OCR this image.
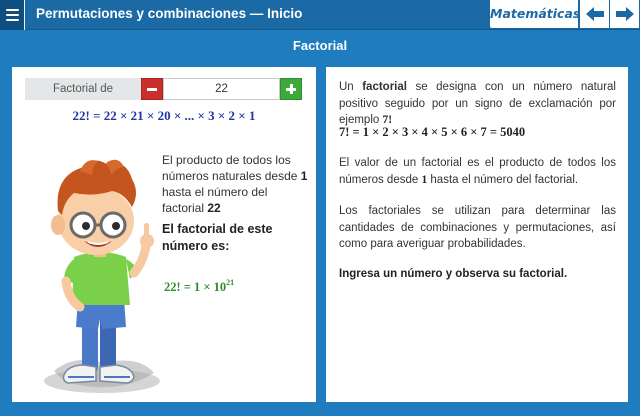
Permutaciones y combinaciones — Inicio	Matemáticas
Factorial
Factorial de
22
22! = 22 × 21 × 20 × ... × 3 × 2 × 1
El producto de todos los números naturales desde 1 hasta el número del factorial 22
El factorial de este número es:
22! = $1 \times 10^{21}$

Un factorial se designa con un número natural positivo seguido por un signo de exclamación por ejemplo 7!

7! = 1 × 2 × 3 × 4 × 5 × 6 × 7 = 5040

El valor de un factorial es el producto de todos los números desde 1 hasta el número del factorial.

Los factoriales se utilizan para determinar las cantidades de combinaciones y permutaciones, así como para averiguar probabilidades.

Ingresa un número y observa su factorial.
